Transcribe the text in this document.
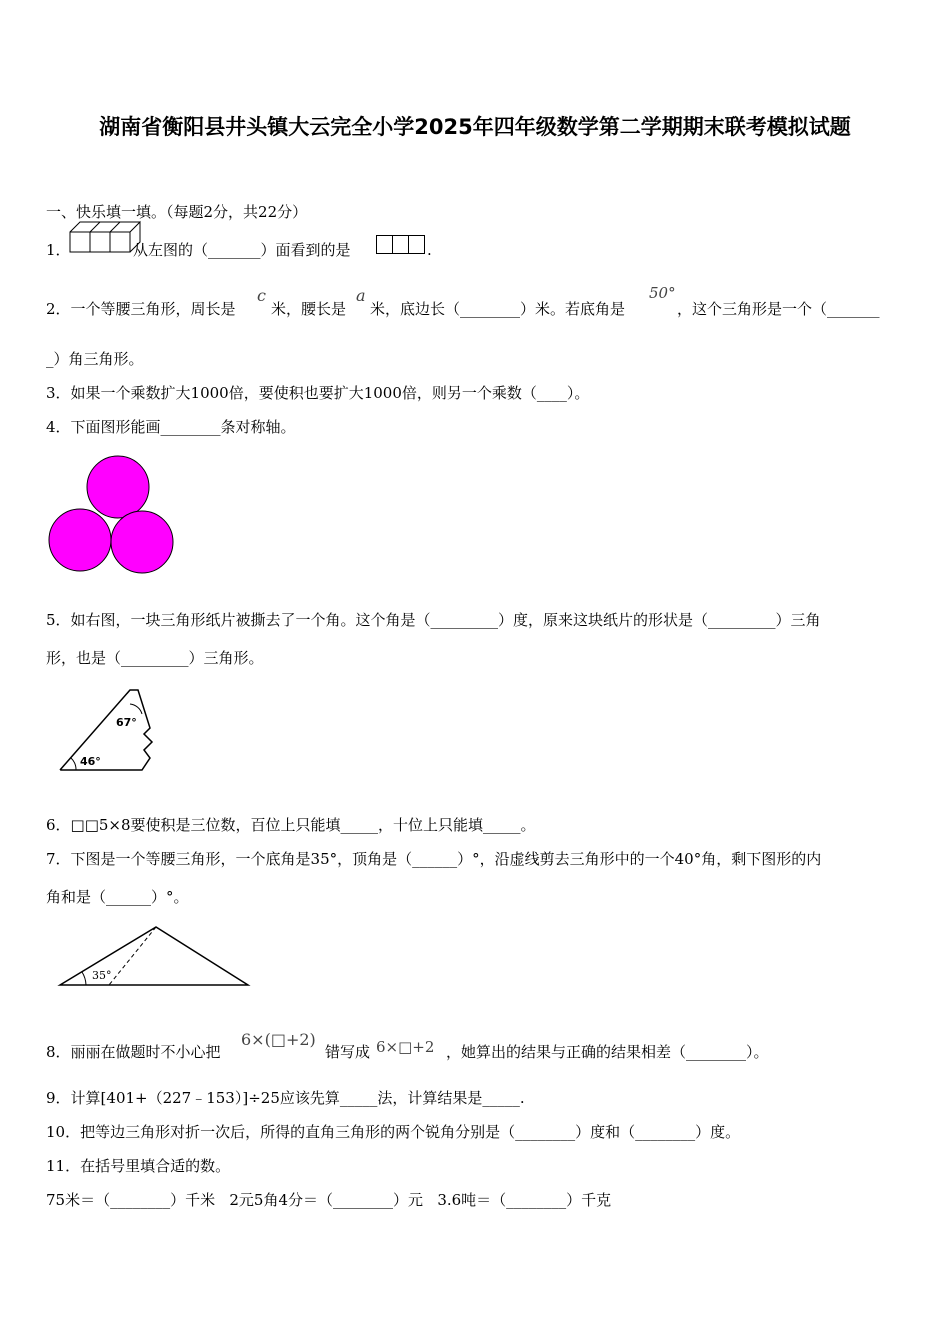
湖南省衡阳县井头镇大云完全小学2025年四年级数学第二学期期末联考模拟试题
一、快乐填一填。（每题2分，共22分）
1．	从左图的（_______）面看到的是	.
2．一个等腰三角形，周长是
c
米，腰长是
a
米，底边长（________）米。若底角是
50°
，这个三角形是一个（_______
_）角三角形。
3．如果一个乘数扩大1000倍，要使积也要扩大1000倍，则另一个乘数（____）。
4．下面图形能画________条对称轴。
5．如右图，一块三角形纸片被撕去了一个角。这个角是（_________）度，原来这块纸片的形状是（_________）三角
形，也是（_________）三角形。
67°
46°
6．□□5×8要使积是三位数，百位上只能填_____，十位上只能填_____。
7．下图是一个等腰三角形，一个底角是35°，顶角是（______）°，沿虚线剪去三角形中的一个40°角，剩下图形的内
角和是（______）°。
35°
8．丽丽在做题时不小心把
6×(□+2)
错写成 6×□+2 ，她算出的结果与正确的结果相差（________）。
9．计算[401+（227﹣153）]÷25应该先算_____法，计算结果是_____.
10．把等边三角形对折一次后，所得的直角三角形的两个锐角分别是（________）度和（________）度。
11．在括号里填合适的数。
75米＝（________）千米   2元5角4分＝（________）元   3.6吨＝（________）千克
